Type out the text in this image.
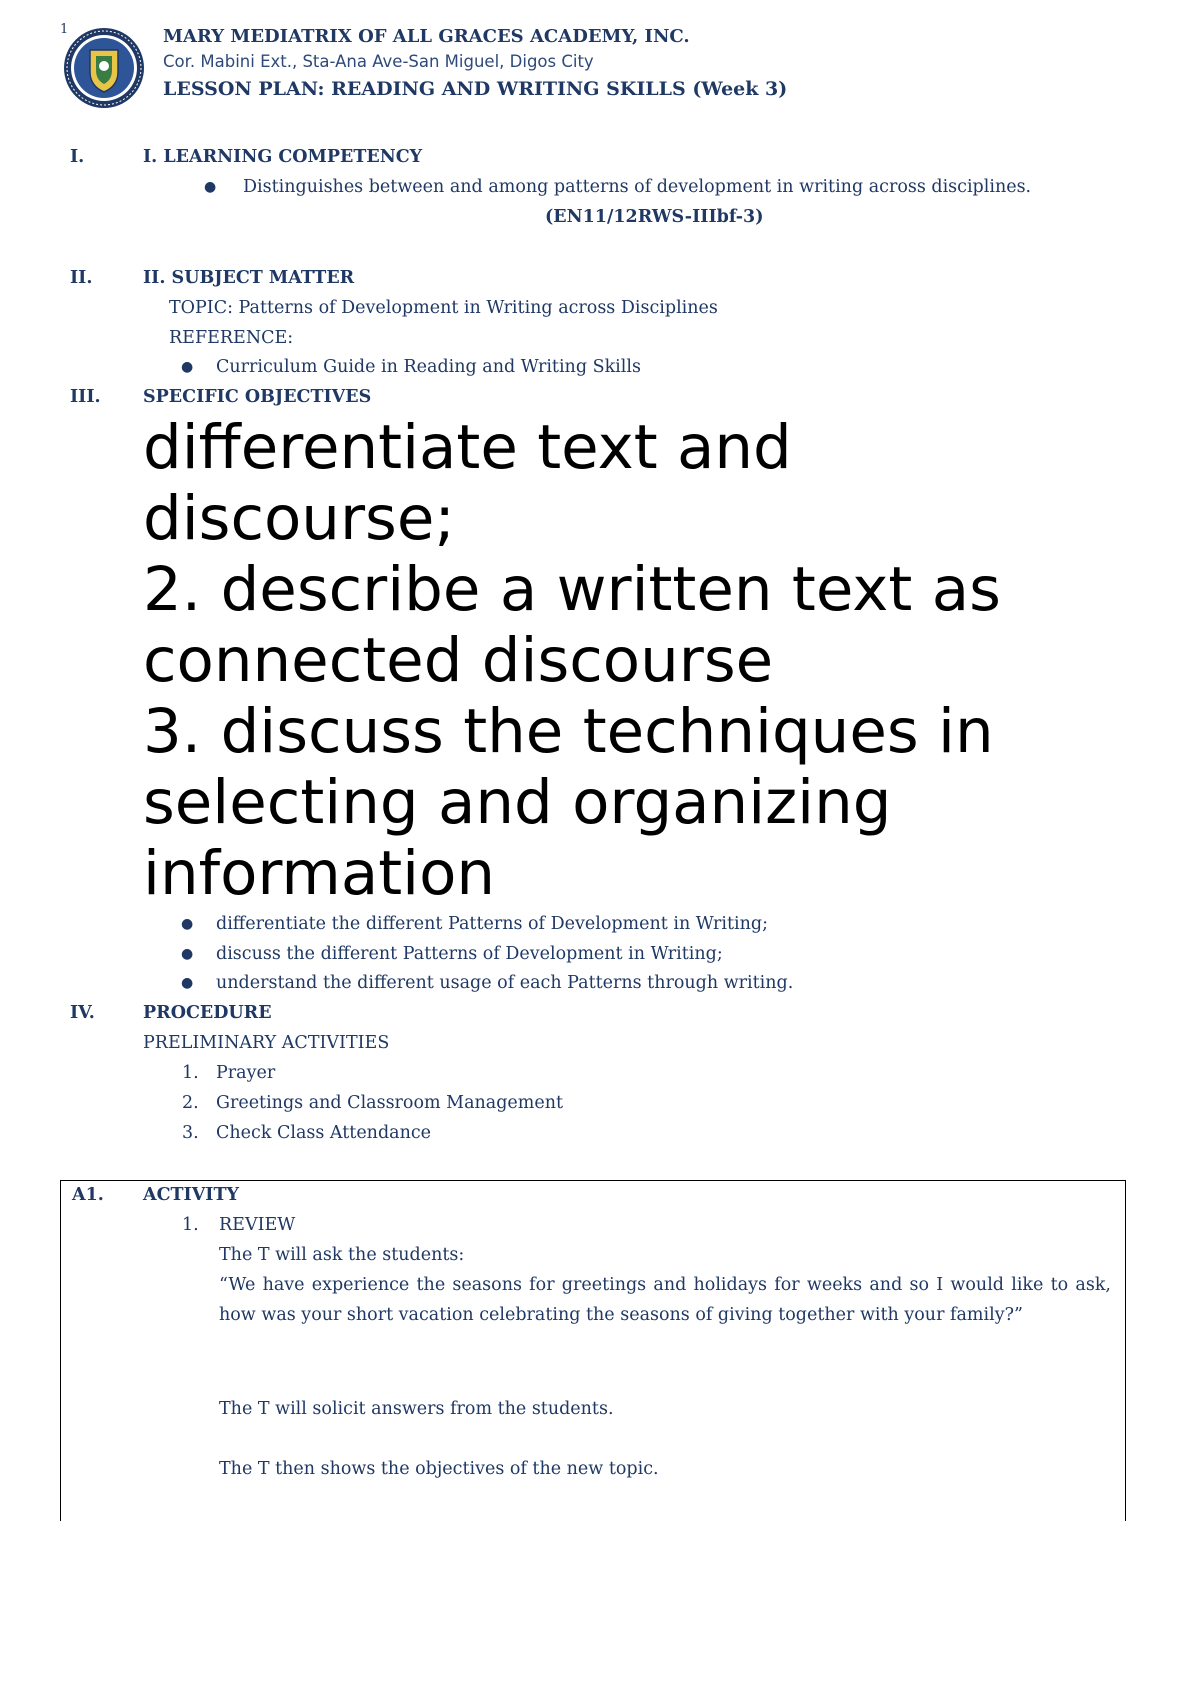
1	MARY MEDIATRIX OF ALL GRACES ACADEMY, INC.
Cor. Mabini Ext., Sta-Ana Ave-San Miguel, Digos City
LESSON PLAN: READING AND WRITING SKILLS (Week 3)
I.	I. LEARNING COMPETENCY
● Distinguishes between and among patterns of development in writing across disciplines.
(EN11/12RWS-IIIbf-3)
II.	II. SUBJECT MATTER
TOPIC: Patterns of Development in Writing across Disciplines
REFERENCE:
● Curriculum Guide in Reading and Writing Skills
III. SPECIFIC OBJECTIVES
differentiate text and
discourse;
2. describe a written text as
connected discourse
3. discuss the techniques in
selecting and organizing
information
● differentiate the different Patterns of Development in Writing;
● discuss the different Patterns of Development in Writing;
● understand the different usage of each Patterns through writing.
IV.	PROCEDURE
PRELIMINARY ACTIVITIES
1. Prayer
2. Greetings and Classroom Management
3. Check Class Attendance
A1. ACTIVITY
1. REVIEW
The T will ask the students:
“We have experience the seasons for greetings and holidays for weeks and so I would like to ask, how was your short vacation celebrating the seasons of giving together with your family?”
The T will solicit answers from the students.
The T then shows the objectives of the new topic.
